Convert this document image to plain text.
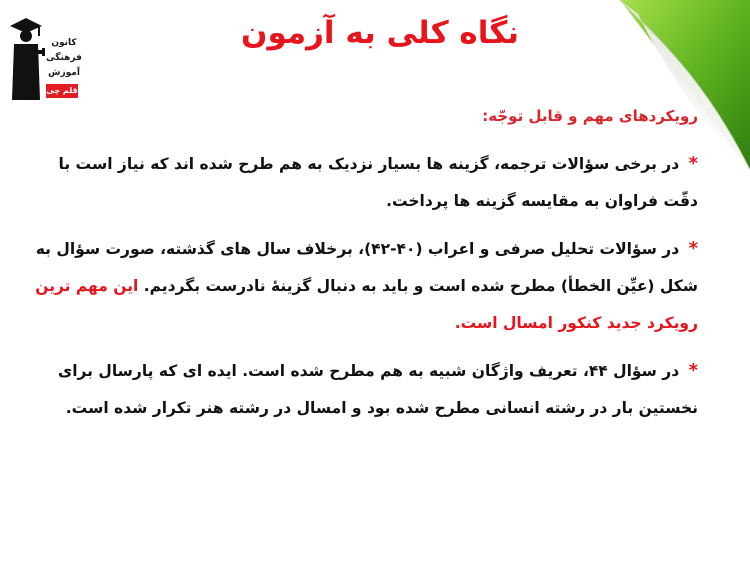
کانون
فرهنگی
آموزش
قلم چی
نگاه کلی به آزمون
رویکردهای مهم و قابل توجّه:

* در برخی سؤالات ترجمه، گزینه ها بسیار نزدیک به هم طرح شده اند که نیاز است با دقّت فراوان به مقایسه گزینه ها پرداخت.

* در سؤالات تحلیل صرفی و اعراب (۴۰-۴۲)، برخلاف سال های گذشته، صورت سؤال به شکل (عیِّن الخطأ) مطرح شده است و باید به دنبال گزینهٔ نادرست بگردیم. این مهم ترین رویکرد جدید کنکور امسال است.

* در سؤال ۴۴، تعریف واژگان شبیه به هم مطرح شده است. ایده ای که پارسال برای نخستین بار در رشته انسانی مطرح شده بود و امسال در رشته هنر تکرار شده است.
